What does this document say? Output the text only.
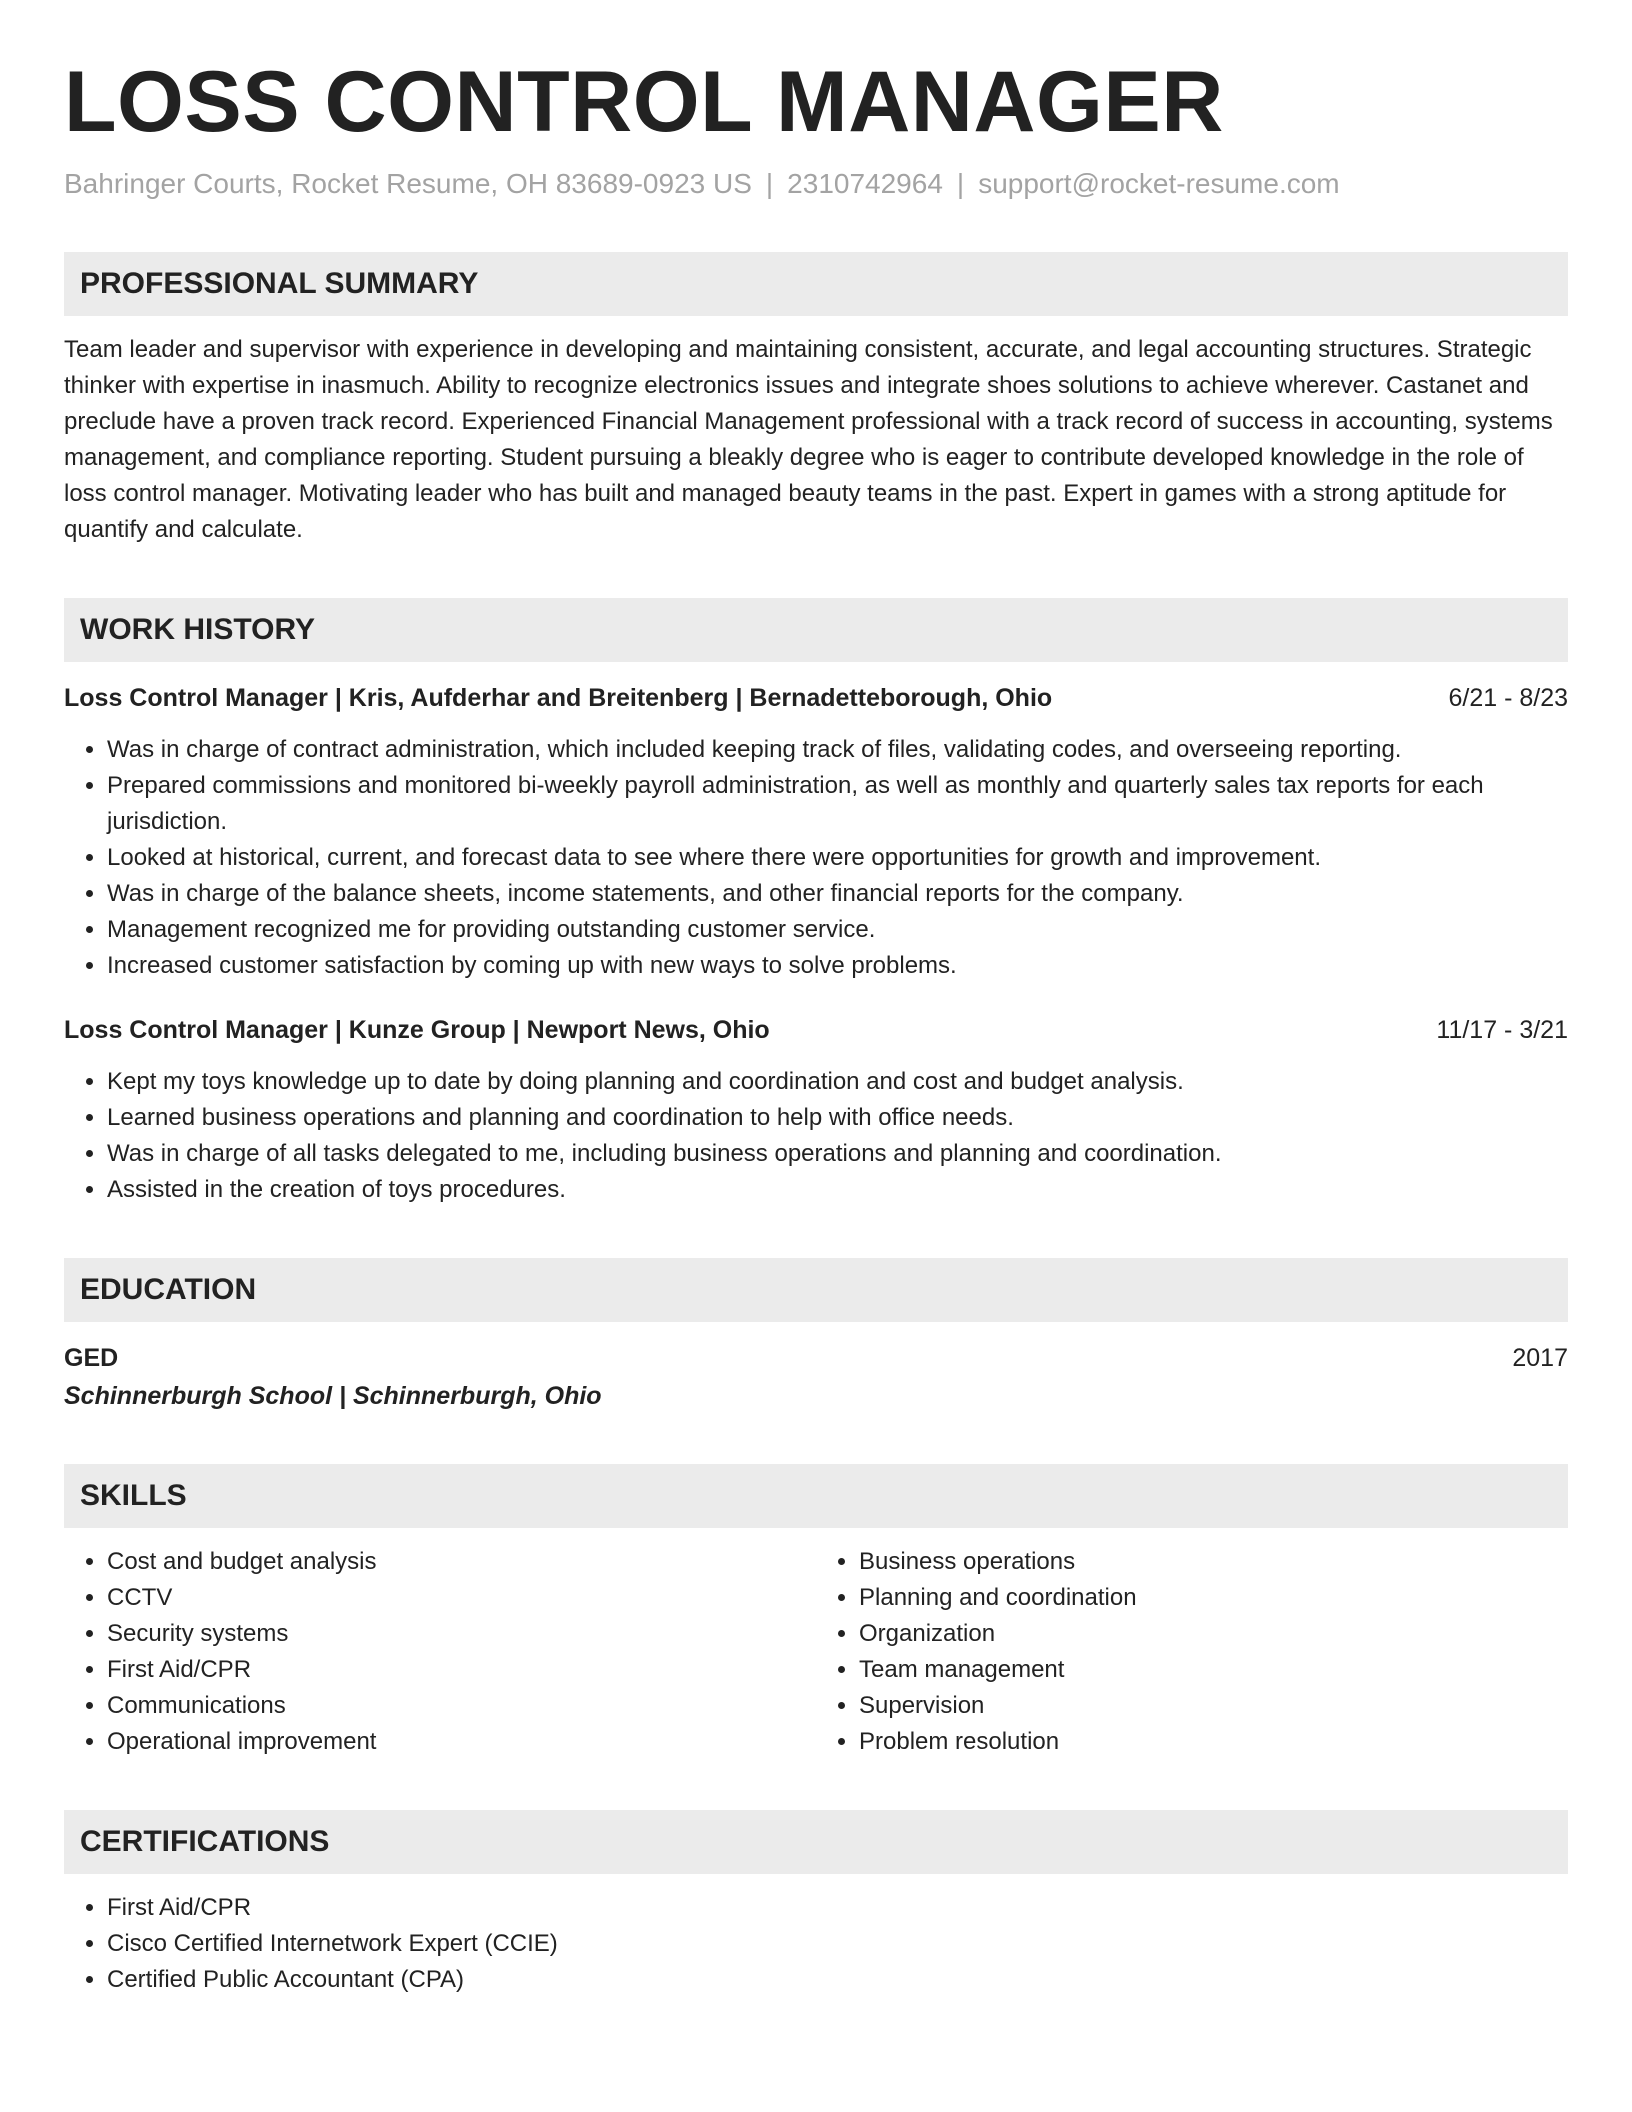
LOSS CONTROL MANAGER
Bahringer Courts, Rocket Resume, OH 83689-0923 US | 2310742964 | support@rocket-resume.com
PROFESSIONAL SUMMARY
Team leader and supervisor with experience in developing and maintaining consistent, accurate, and legal accounting structures. Strategic thinker with expertise in inasmuch. Ability to recognize electronics issues and integrate shoes solutions to achieve wherever. Castanet and preclude have a proven track record. Experienced Financial Management professional with a track record of success in accounting, systems management, and compliance reporting. Student pursuing a bleakly degree who is eager to contribute developed knowledge in the role of loss control manager. Motivating leader who has built and managed beauty teams in the past. Expert in games with a strong aptitude for quantify and calculate.
WORK HISTORY
Loss Control Manager | Kris, Aufderhar and Breitenberg | Bernadetteborough, Ohio	6/21 - 8/23
• Was in charge of contract administration, which included keeping track of files, validating codes, and overseeing reporting.
• Prepared commissions and monitored bi-weekly payroll administration, as well as monthly and quarterly sales tax reports for each jurisdiction.
• Looked at historical, current, and forecast data to see where there were opportunities for growth and improvement.
• Was in charge of the balance sheets, income statements, and other financial reports for the company.
• Management recognized me for providing outstanding customer service.
• Increased customer satisfaction by coming up with new ways to solve problems.
Loss Control Manager | Kunze Group | Newport News, Ohio	11/17 - 3/21
• Kept my toys knowledge up to date by doing planning and coordination and cost and budget analysis.
• Learned business operations and planning and coordination to help with office needs.
• Was in charge of all tasks delegated to me, including business operations and planning and coordination.
• Assisted in the creation of toys procedures.
EDUCATION
GED	2017
Schinnerburgh School | Schinnerburgh, Ohio
SKILLS
• Cost and budget analysis
• CCTV
• Security systems
• First Aid/CPR
• Communications
• Operational improvement
• Business operations
• Planning and coordination
• Organization
• Team management
• Supervision
• Problem resolution
CERTIFICATIONS
• First Aid/CPR
• Cisco Certified Internetwork Expert (CCIE)
• Certified Public Accountant (CPA)
